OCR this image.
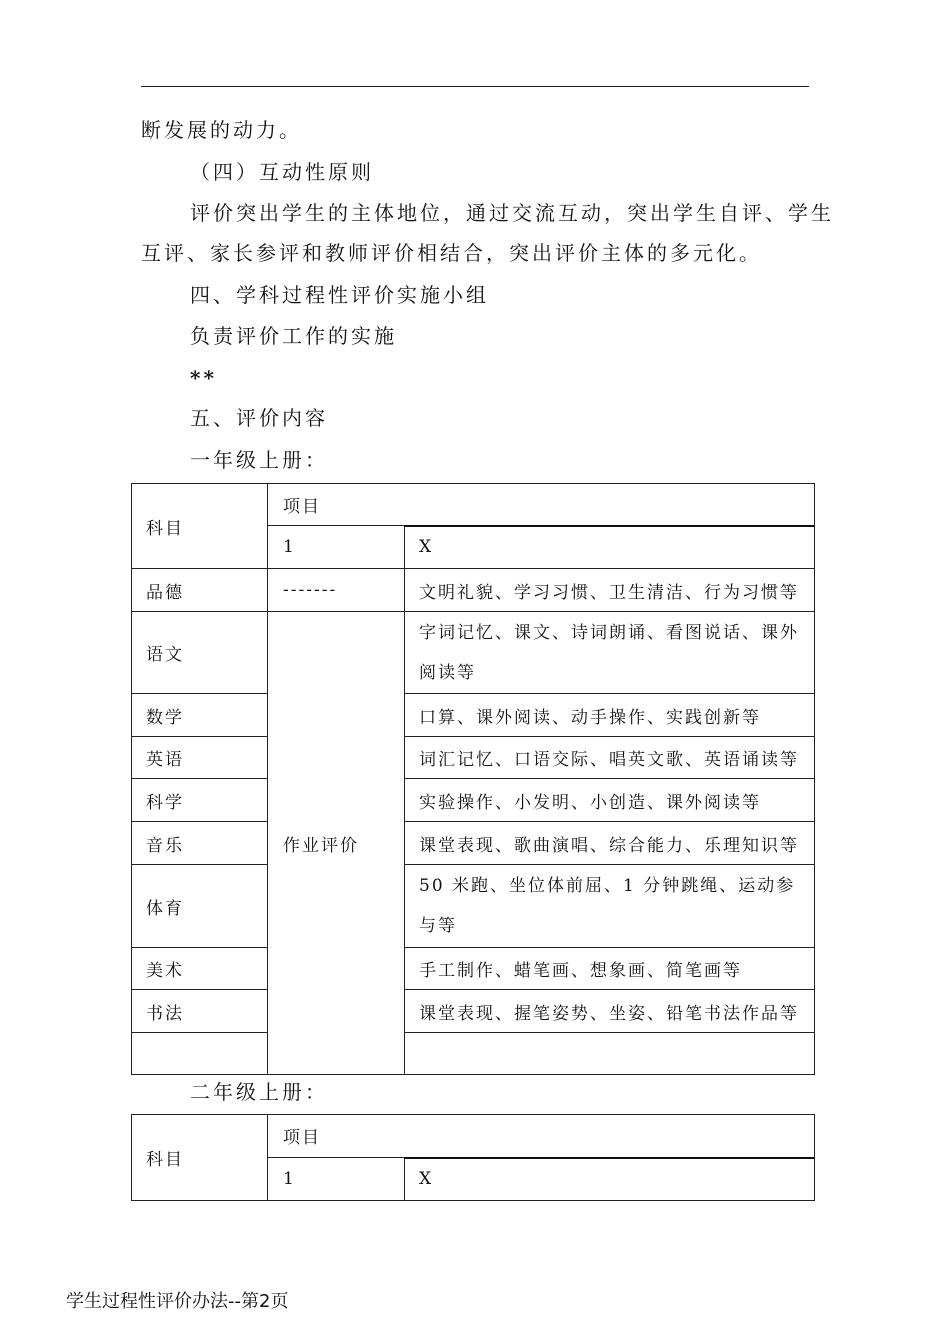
断发展的动力。
（四）互动性原则
评价突出学生的主体地位，通过交流互动，突出学生自评、学生
互评、家长参评和教师评价相结合，突出评价主体的多元化。
四、学科过程性评价实施小组
负责评价工作的实施
**
五、评价内容
一年级上册：
科目	项目	
	1	X
品德	-------	文明礼貌、学习习惯、卫生清洁、行为习惯等
语文	作业评价	字词记忆、课文、诗词朗诵、看图说话、课外阅读等
数学		口算、课外阅读、动手操作、实践创新等
英语		词汇记忆、口语交际、唱英文歌、英语诵读等
科学		实验操作、小发明、小创造、课外阅读等
音乐		课堂表现、歌曲演唱、综合能力、乐理知识等
体育		50 米跑、坐位体前屈、1 分钟跳绳、运动参与等
美术		手工制作、蜡笔画、想象画、简笔画等
书法		课堂表现、握笔姿势、坐姿、铅笔书法作品等

二年级上册：
科目	项目	
	1	X
学生过程性评价办法--第2页
